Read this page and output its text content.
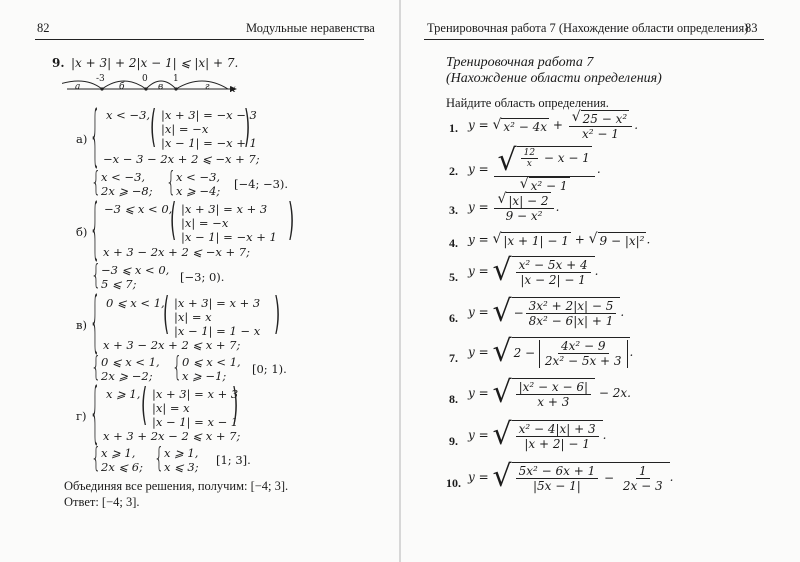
82	Модульные неравенства
9. |x + 3| + 2|x − 1| ⩽ |x| + 7.
-3	0	1
а	б	в	г x
а) { x < −3, ( |x + 3| = −x − 3
|x| = −x
|x − 1| = −x + 1
)
−x − 3 − 2x + 2 ⩽ −x + 7;
{ x < −3,
2x ⩾ −8; { x < −3,
x ⩾ −4; [−4; −3).
б) { −3 ⩽ x < 0,
( |x + 3| = x + 3
|x| = −x
|x − 1| = −x + 1 )
x + 3 − 2x + 2 ⩽ −x + 7;
{ −3 ⩽ x < 0,
5 ⩽ 7;	[−3; 0).
в) { 0 ⩽ x < 1,
( |x + 3| = x + 3
|x| = x
|x − 1| = 1 − x )
x + 3 − 2x + 2 ⩽ x + 7;
{ 0 ⩽ x < 1,
2x ⩾ −2; { 0 ⩽ x < 1,
x ⩾ −1; [0; 1).
г) { x ⩾ 1, ( |x + 3| = x + 3
|x| = x
|x − 1| = x − 1
)
x + 3 + 2x − 2 ⩽ x + 7;
{ x ⩾ 1,
2x ⩽ 6; { x ⩾ 1,
x ⩽ 3; [1; 3].
Объединяя все решения, получим: [−4; 3].
Ответ: [−4; 3].
Тренировочная работа 7 (Нахождение области определения)
83
Тренировочная работа 7
(Нахождение области определения)
Найдите область определения.
1. y = √ $x^2 - 4x + \frac{\text{√ 25 − x²}}{\text{x² − 1}}$ .
2. $y = \frac{√ \frac{12}{x} - x - 1}{\text{√ x² − 1}}$ .
3. $y = \frac{√ |x| - 2}{\text{9 − x²}}$ .
4. y = √ |x + 1| − 1 + √ 9 − |x|² .
5. y = √ $\frac{\text{x² − 5x + 4}}{|x - 2| - 1}$ .
6. y = √ − $\frac{\text{3x² + 2|x| − 5}}{\text{8x² − 6|x| + 1}}$ .
7. y = √ $2 - \frac{\text{4x² − 9}}{\text{2x² − 5x + 3}}$ .
8. y = √ $\frac{\text{|x² − x − 6|}}{x + 3} - 2x$.
9. y = √ $\frac{\text{x² − 4|x| + 3}}{|x + 2| - 1}$ .
10. y = √ $\frac{\text{5x² − 6x + 1}}{|5x - 1|} - \frac{1}{2x - 3}$ .
